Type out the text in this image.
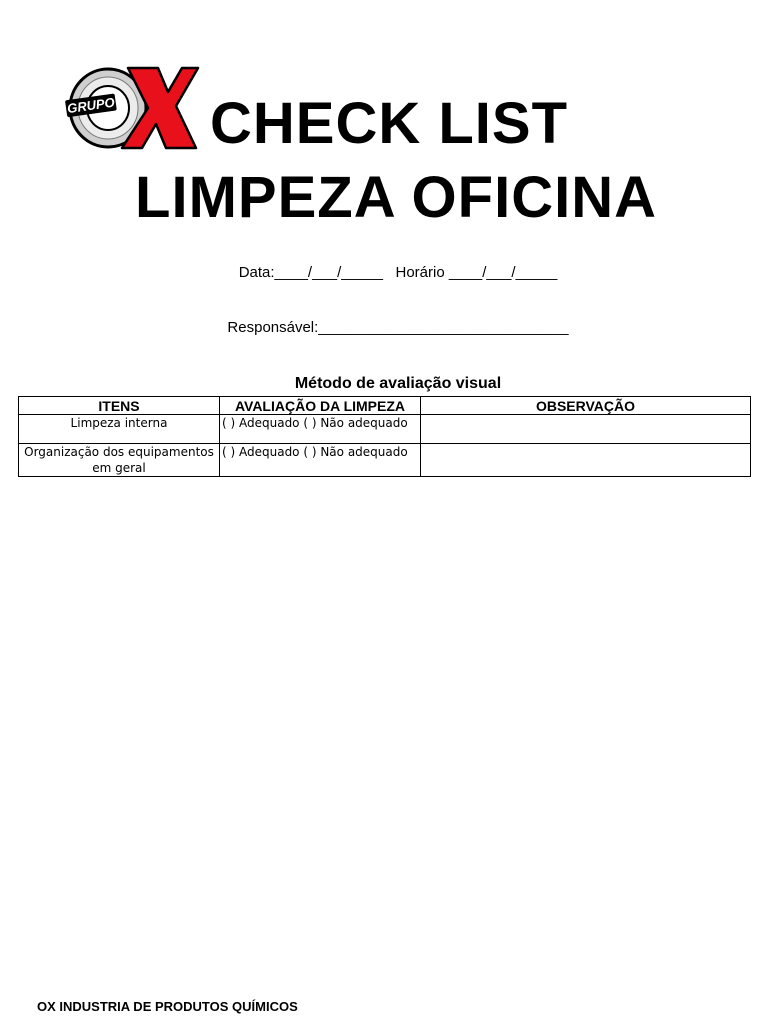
GRUPO CHECK LIST
LIMPEZA OFICINA
Data:____/___/_____   Horário ____/___/_____
Responsável:______________________________
Método de avaliação visual
ITENS	AVALIAÇÃO DA LIMPEZA	OBSERVAÇÃO
Limpeza interna	( ) Adequado ( ) Não adequado	
Organização dos equipamentos em geral	( ) Adequado ( ) Não adequado	
OX INDUSTRIA DE PRODUTOS QUÍMICOS
